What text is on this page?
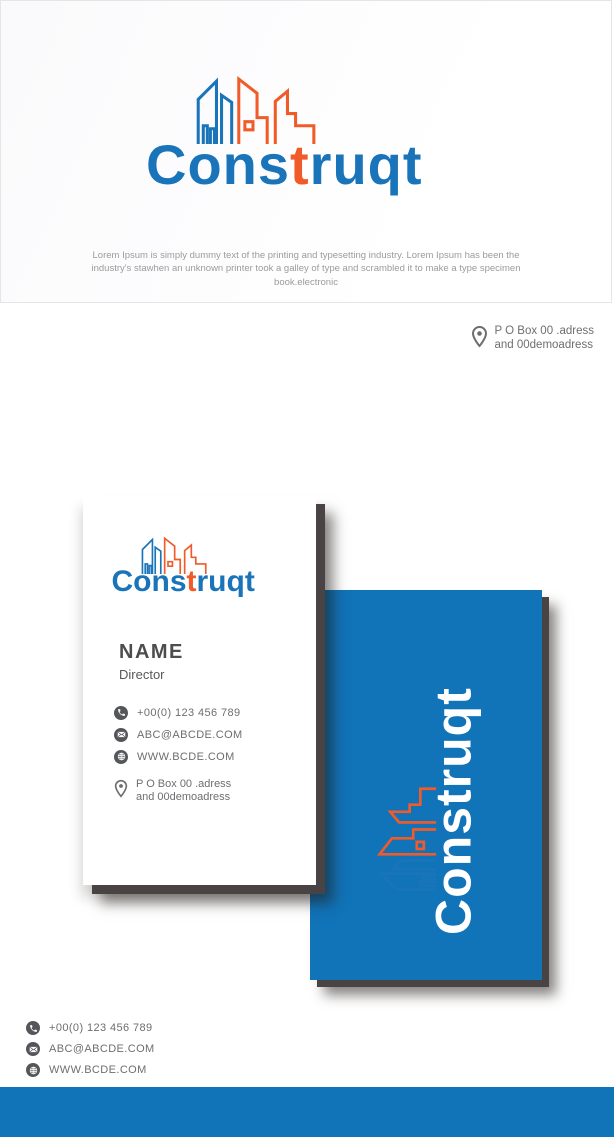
Construqt

Lorem Ipsum is simply dummy text of the printing and typesetting industry. Lorem Ipsum has been the industry's stawhen an unknown printer took a galley of type and scrambled it to make a type specimen book.electronic

P O Box 00 .adress
and 00demoadress
Construqt
Construqt
NAME
Director
+00(0) 123 456 789
ABC@ABCDE.COM
WWW.BCDE.COM
P O Box 00 .adress
and 00demoadress
+00(0) 123 456 789
ABC@ABCDE.COM
WWW.BCDE.COM
